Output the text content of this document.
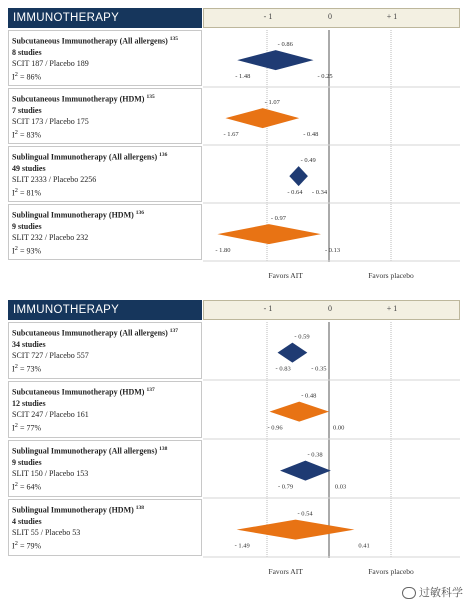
IMMUNOTHERAPY	- 1	0	+ 1
Subcutaneous Immunotherapy (All allergens) $^{135}$
8 studies
SCIT 187 / Placebo 189
$I^2 = 86\%$
Subcutaneous Immunotherapy (HDM) $^{135}$
7 studies
SCIT 173 / Placebo 175
$I^2 = 83\%$
Sublingual Immunotherapy (All allergens) $^{136}$
49 studies
SLIT 2333 / Placebo 2256
$I^2 = 81\%$
Sublingual Immunotherapy (HDM) $^{136}$
9 studies
SLIT 232 / Placebo 232
$I^2 = 93\%$
- 0.86
- 1.48	- 0.25
- 1.07
- 1.67	- 0.48
- 0.49
- 0.64 - 0.34
- 0.97
- 1.80	- 0.13
Favors AIT	Favors placebo
IMMUNOTHERAPY	- 1	0	+ 1
Subcutaneous Immunotherapy (All allergens) $^{137}$
34 studies
SCIT 727 / Placebo 557
$I^2 = 73\%$
Subcutaneous Immunotherapy (HDM) $^{137}$
12 studies
SCIT 247 / Placebo 161
$I^2 = 77\%$
Sublingual Immunotherapy (All allergens) $^{138}$
9 studies
SLIT 150 / Placebo 153
$I^2 = 64\%$
Sublingual Immunotherapy (HDM) $^{138}$
4 studies
SLIT 55 / Placebo 53
$I^2 = 79\%$
- 0.59
- 0.83	- 0.35
- 0.48
- 0.96	0.00
- 0.38
- 0.79	0.03
- 0.54
- 1.49	0.41
Favors AIT	Favors placebo
过敏科学
